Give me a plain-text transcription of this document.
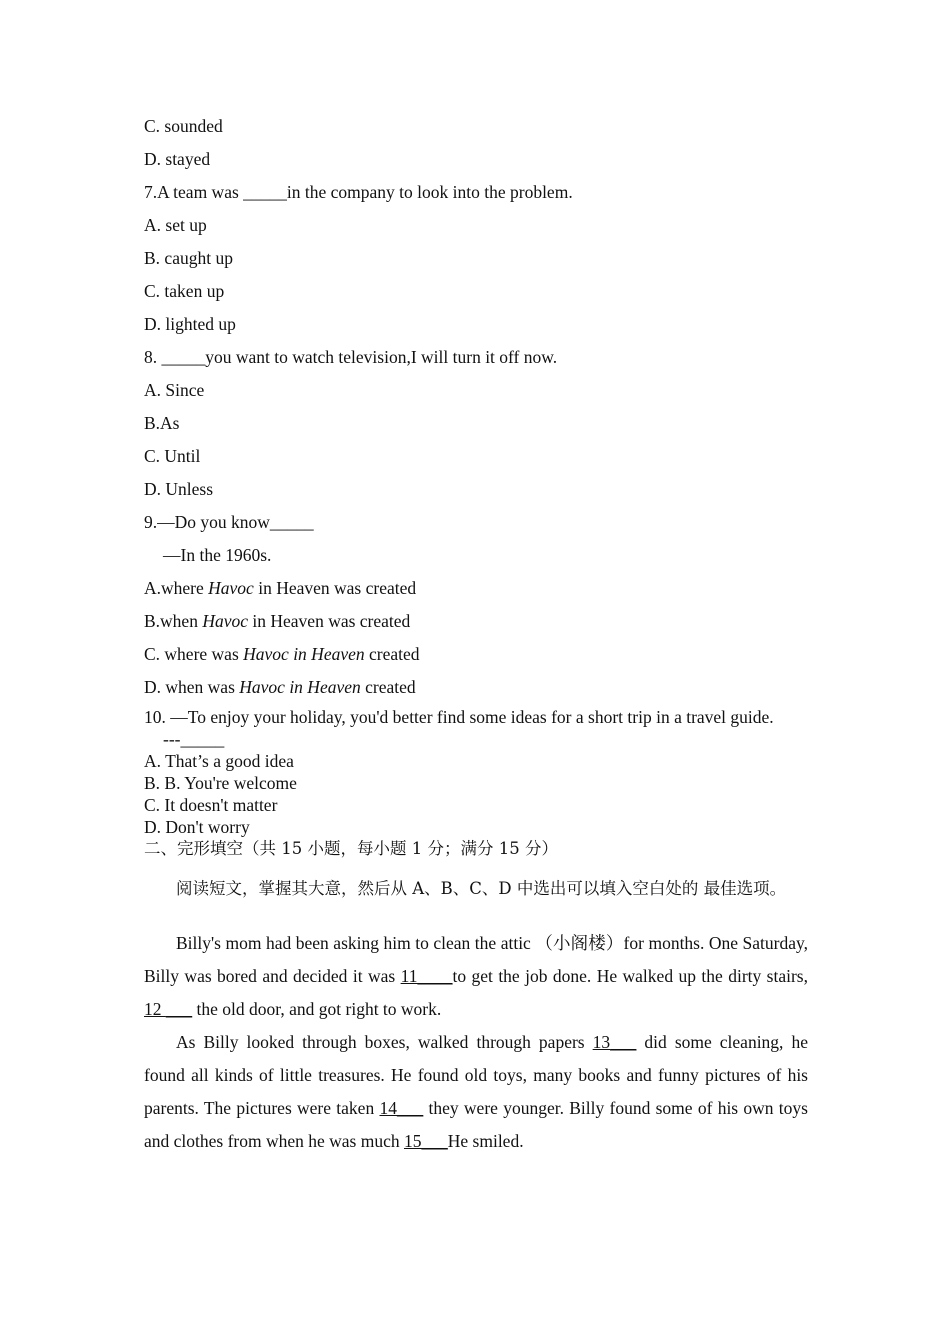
C. sounded
D. stayed
7.A team was _____in the company to look into the problem.
A. set up
B. caught up
C. taken up
D. lighted up
8. _____you want to watch television,I will turn it off now.
A. Since
B.As
C. Until
D. Unless
9.—Do you know_____
—In the 1960s.
A.where Havoc in Heaven was created
B.when Havoc in Heaven was created
C. where was Havoc in Heaven created
D. when was Havoc in Heaven created
10. —To enjoy your holiday, you'd better find some ideas for a short trip in a travel guide.
---_____
A. That’s a good idea
B. B. You're welcome
C. It doesn't matter
D. Don't worry
二、完形填空（共 15 小题，每小题 1 分；满分 15 分）
阅读短文，掌握其大意，然后从 A、B、C、D 中选出可以填入空白处的 最佳选项。
Billy's mom had been asking him to clean the attic （小阁楼）for months. One Saturday, Billy was bored and decided it was 11____to get the job done. He walked up the dirty stairs, 12 ___ the old door, and got right to work.
As Billy looked through boxes, walked through papers 13___ did some cleaning, he found all kinds of little treasures. He found old toys, many books and funny pictures of his parents. The pictures were taken 14___ they were younger. Billy found some of his own toys and clothes from when he was much 15___He smiled.
